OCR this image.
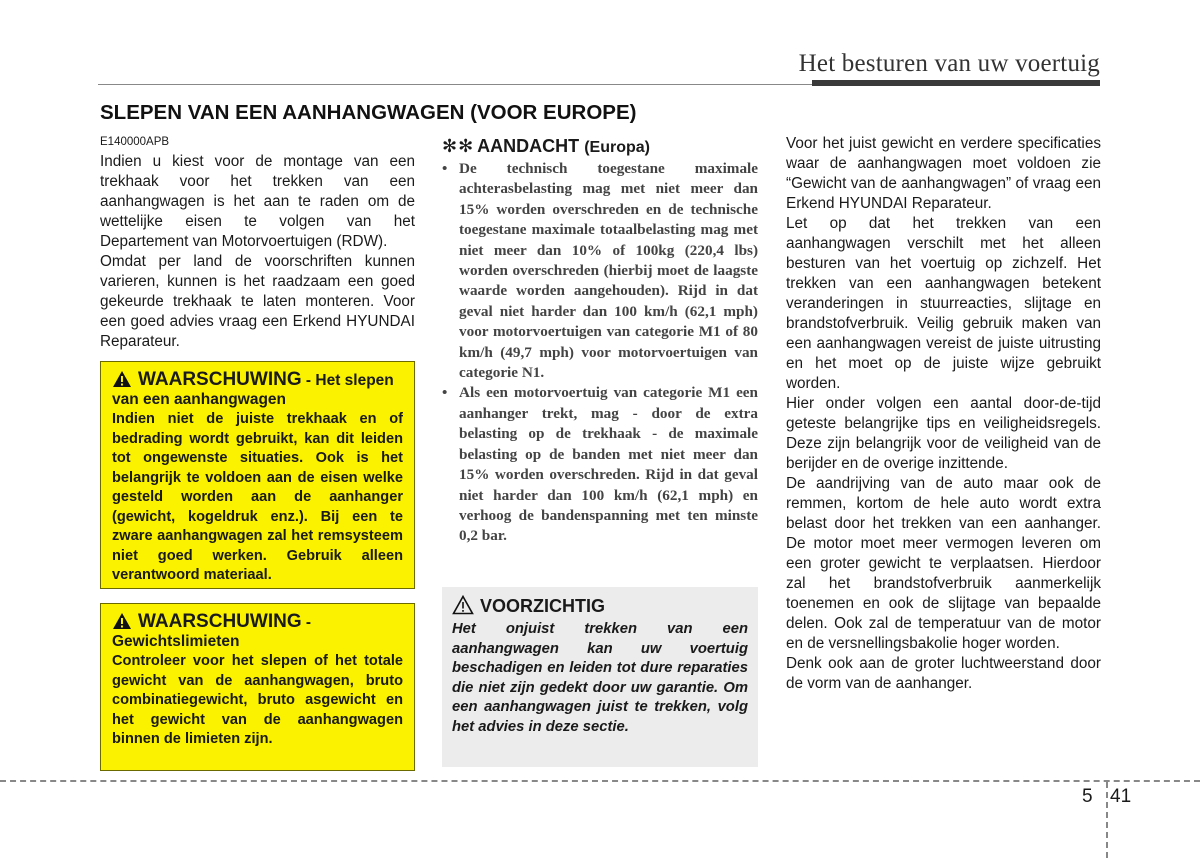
Het besturen van uw voertuig
SLEPEN VAN EEN AANHANGWAGEN (VOOR EUROPE)
E140000APB

Indien u kiest voor de montage van een trekhaak voor het trekken van een aanhangwagen is het aan te raden om de wettelijke eisen te volgen van het Departement van Motorvoertuigen (RDW).

Omdat per land de voorschriften kunnen varieren, kunnen is het raadzaam een goed gekeurde trekhaak te laten monteren. Voor een goed advies vraag een Erkend HYUNDAI Reparateur.

WAARSCHUWING - Het slepen van een aanhangwagen
Indien niet de juiste trekhaak en of bedrading wordt gebruikt, kan dit leiden tot ongewenste situaties. Ook is het belangrijk te voldoen aan de eisen welke gesteld worden aan de aanhanger (gewicht, kogeldruk enz.). Bij een te zware aanhangwagen zal het remsysteem niet goed werken. Gebruik alleen verantwoord materiaal.
WAARSCHUWING - Gewichtslimieten
Controleer voor het slepen of het totale gewicht van de aanhangwagen, bruto combinatiegewicht, bruto asgewicht en het gewicht van de aanhangwagen binnen de limieten zijn.
✻✻ AANDACHT (Europa)
• De technisch toegestane maximale achterasbelasting mag met niet meer dan 15% worden overschreden en de technische toegestane maximale totaalbelasting mag met niet meer dan 10% of 100kg (220,4 lbs) worden overschreden (hierbij moet de laagste waarde worden aangehouden). Rijd in dat geval niet harder dan 100 km/h (62,1 mph) voor motorvoertuigen van categorie M1 of 80 km/h (49,7 mph) voor motorvoertuigen van categorie N1.
• Als een motorvoertuig van categorie M1 een aanhanger trekt, mag - door de extra belasting op de trekhaak - de maximale belasting op de banden met niet meer dan 15% worden overschreden. Rijd in dat geval niet harder dan 100 km/h (62,1 mph) en verhoog de bandenspanning met ten minste 0,2 bar.
VOORZICHTIG
Het onjuist trekken van een aanhangwagen kan uw voertuig beschadigen en leiden tot dure reparaties die niet zijn gedekt door uw garantie. Om een aanhangwagen juist te trekken, volg het advies in deze sectie.

Voor het juist gewicht en verdere specificaties waar de aanhangwagen moet voldoen zie “Gewicht van de aanhangwagen” of vraag een Erkend HYUNDAI Reparateur.

Let op dat het trekken van een aanhangwagen verschilt met het alleen besturen van het voertuig op zichzelf. Het trekken van een aanhangwagen betekent veranderingen in stuurreacties, slijtage en brandstofverbruik. Veilig gebruik maken van een aanhangwagen vereist de juiste uitrusting en het moet op de juiste wijze gebruikt worden.

Hier onder volgen een aantal door-de-tijd geteste belangrijke tips en veiligheidsregels. Deze zijn belangrijk voor de veiligheid van de berijder en de overige inzittende.

De aandrijving van de auto maar ook de remmen, kortom de hele auto wordt extra belast door het trekken van een aanhanger. De motor moet meer vermogen leveren om een groter gewicht te verplaatsen. Hierdoor zal het brandstofverbruik aanmerkelijk toenemen en ook de slijtage van bepaalde delen. Ook zal de temperatuur van de motor en de versnellingsbakolie hoger worden.

Denk ook aan de groter luchtweerstand door de vorm van de aanhanger.

5 41
